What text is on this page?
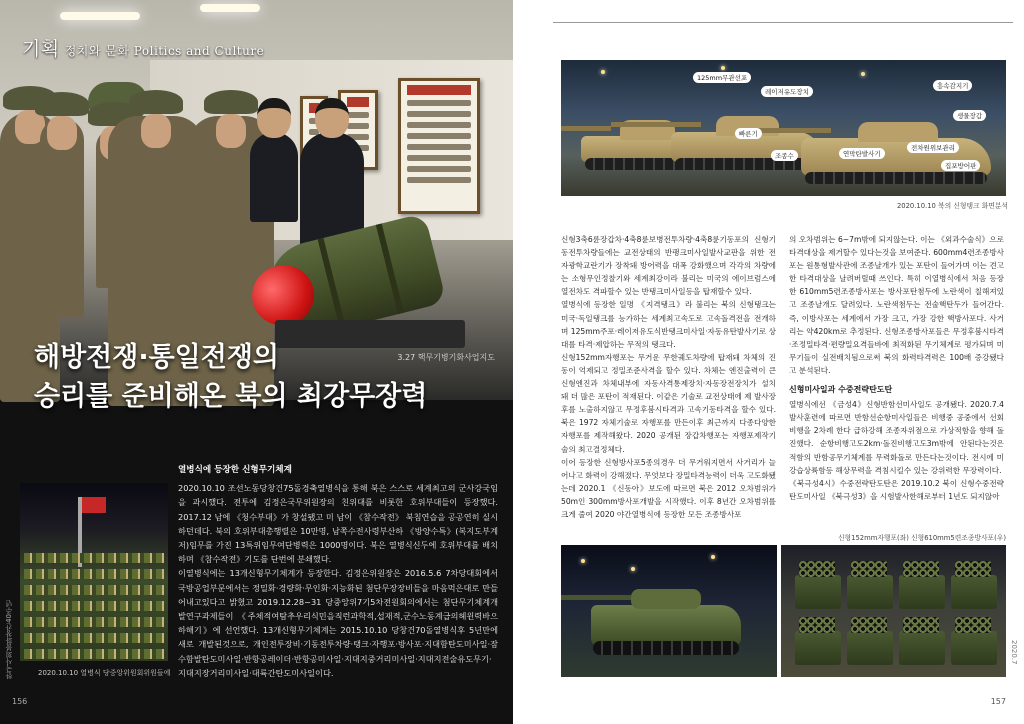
기획 정치와 문화 Politics and Culture
해방전쟁·통일전쟁의
승리를 준비해온 북의 최강무장력
3.27 핵무기병기화사업지도
2020.10.10 열병식 당중앙위원회위원들에
한국사회불화창간40주년
열병식에 등장한 신형무기체계

2020.10.10 조선노동당창건75돌경축열병식을 통해 북은 스스로 세계최고의 군사강국임을 과시했다. 전투에 김정은국무위원장의 친위대를 비롯한 호위부대들이 등장했다. 2017.12 남에 《청수부대》가 창설됐고 미 남이 《참수작전》 북침연습을 공공연히 실시하던데다. 북의 호위부대총행렬은 10만명, 남쪽수전사령부산하 《방양수특》(복지도부계저)임무를 가진 13특위임무여단병력은 1000명이다. 북은 열병식신두에 호위부대를 배치하며 《참수작전》기도를 단번에 분쇄했다.

이열병식에는 13개신형무기체계가 등장한다. 김정은위원장은 2016.5.6 7차당대회에서 국방공업부문에서는 정밀화·경량화·무인화·지능화된 첨단무장장비들을 마음먹은대로 만들어내고있다고 밝혔고 2019.12.28~31 당중앙위7기5차전원회의에서는 첨단무기체계개발연구과제들이 《주체적여탐추우리식민을직런과학적,섭재적,군수노동계급의헤윈력바으하해기》에 선언했다. 13개신형무기체계는 2015.10.10 당창건70돌열병식후 5년만에 새로 개발된것으로, 개인전투장비·기동전투차량·탱크·자행포·방사포·지대함탄도미사일·잠수함발탄도미사일·반항공레이더·반항공미사일·지대지중거리미사일·지대지전술유도무기·지대지장거리미사일·대륙간탄도미사일이다.

156
125mm무관선포
레이저유도장치
흥속감지기
생물장갑
빠른기
조종수	연막탄발사기
전차원위보관리
집포방어판
2020.10.10 북의 신형탱크 화면분석

신형3축6륜장갑차·4축8륜보병전투차량·4축8륜기동포의 신형기동전투차량들에는 교전상태의 반팽크미사일발사교판을 위한 전자광학교란기가 장착돼 방어력을 대폭 강화했으며 각각의 차량에는 소형무인정찰기와 세계최강이라 불리는 미국의 에이브럼스에열전차도 격파할수 있는 반탱크미사일등을 탑재할수 있다.

열병식에 등장한 일명 《지격탱크》라 불리는 북의 신형탱크는 미국·독일탱크를 능가하는 세계최고속도로 고속돌격전을 전개하며 125mm주포·레이저유도식반탱크미사일·자동유탄발사기로 상대를 타격·제압하는 무적의 탱크다.

신형152mm자행포는 무거운 무한궤도차량에 탑재돼 차체의 진동이 억제되고 정밀조준사격을 할수 있다. 차체는 엔진출력이 큰 신형엔진과 차체내부에 자동사격통제장치·자동장전장치가 설치돼 더 많은 포탄이 적재된다. 이같은 기술로 교전상태에 제 발사장후를 노출하지않고 무정후붐시타격과 고속기동타격을 할수 있다. 북은 1972 자체기술로 자행포를 만든이후 최근까지 다종다양한 자행포를 제작해왔다. 2020 공개된 장갑차행포는 자행포제작기술의 최고결정체다.

이어 등장한 신형방사포5종의경우 더 무거워지면서 사거리가 늘어나고 화력이 강해졌다. 무엇보다 장밀타격능력이 더욱 고도화됐는데 2020.1 《신동아》보도에 따르면 북은 2012 오차범위가 50m인 300mm방사포개발을 시작했다. 이후 8년간 오차범위를 크게 줄여 2020 야간열병식에 등장한 모든 조종방사포

의 오차범위는 6~7m밖에 되지않는다. 이는 《외과수술식》으로 타격대상을 제거할수 있다는것을 보여준다. 600mm4련조종방사포는 원통형발사관에 조종날개가 있는 포탄이 들어가며 이는 견고한 타격대상을 날려버릴때 쓰인다. 특히 이열병식에서 처음 등장한 610mm5련조종방사포는 방사포탄첨두에 노란색이 칠해져있고 조종날개도 달려있다. 노란색첨두는 전술핵탄두가 들어간다. 즉, 이방사포는 세계에서 가장 크고, 가장 강한 핵방사포다. 사거리는 약420km로 추정된다. 신형조종방사포들은 무정후붐시타격·조정밀타격·편량밀요격들바에 최적화된 무기체계로 평가되며 미무기들이 실전배치됨으로써 북의 화력타격력은 100배 증강됐다고 분석된다.

신형미사일과 수중전략탄도탄

열병식에선 《금성4》신형반함선미사일도 공개됐다. 2020.7.4 발사훈련에 따르면 반함선순항미사일들은 비행중 공중에서 선회비행을 2차례 한다 급하강해 조종자위점으로 가상적함을 향해 돌진했다. 순항비행고도2km·돌진비행고도3m밖에 안된다는것은 적함의 반함공무기체계를 무력화돌로 만든다는것이다. 전시에 미강습상륙함등 해상무력을 격침시킬수 있는 강위력한 무장력이다.

《북극성4시》수중전략탄도탄은 2019.10.2 북이 신형수중전략탄도미사일 《북극성3》을 시험발사한해로부터 1년도 되지않아

신형152mm자행포(좌) 신형610mm5련조종방사포(우)
2020.7
157
